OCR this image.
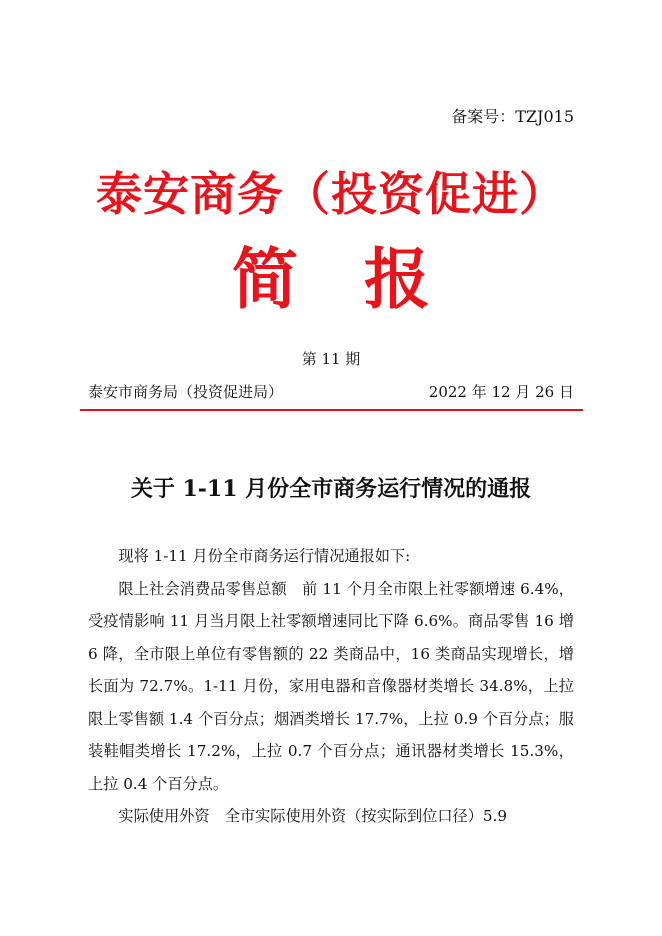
备案号：TZJ015
泰安商务（投资促进）
简　报
第 11 期
泰安市商务局（投资促进局）	2022 年 12 月 26 日
关于 1-11 月份全市商务运行情况的通报

现将 1-11 月份全市商务运行情况通报如下:

限上社会消费品零售总额　前 11 个月全市限上社零额增速 6.4%，受疫情影响 11 月当月限上社零额增速同比下降 6.6%。商品零售 16 增 6 降，全市限上单位有零售额的 22 类商品中，16 类商品实现增长，增长面为 72.7%。1-11 月份，家用电器和音像器材类增长 34.8%，上拉限上零售额 1.4 个百分点；烟酒类增长 17.7%，上拉 0.9 个百分点；服装鞋帽类增长 17.2%，上拉 0.7 个百分点；通讯器材类增长 15.3%，上拉 0.4 个百分点。

实际使用外资　全市实际使用外资（按实际到位口径）5.9
